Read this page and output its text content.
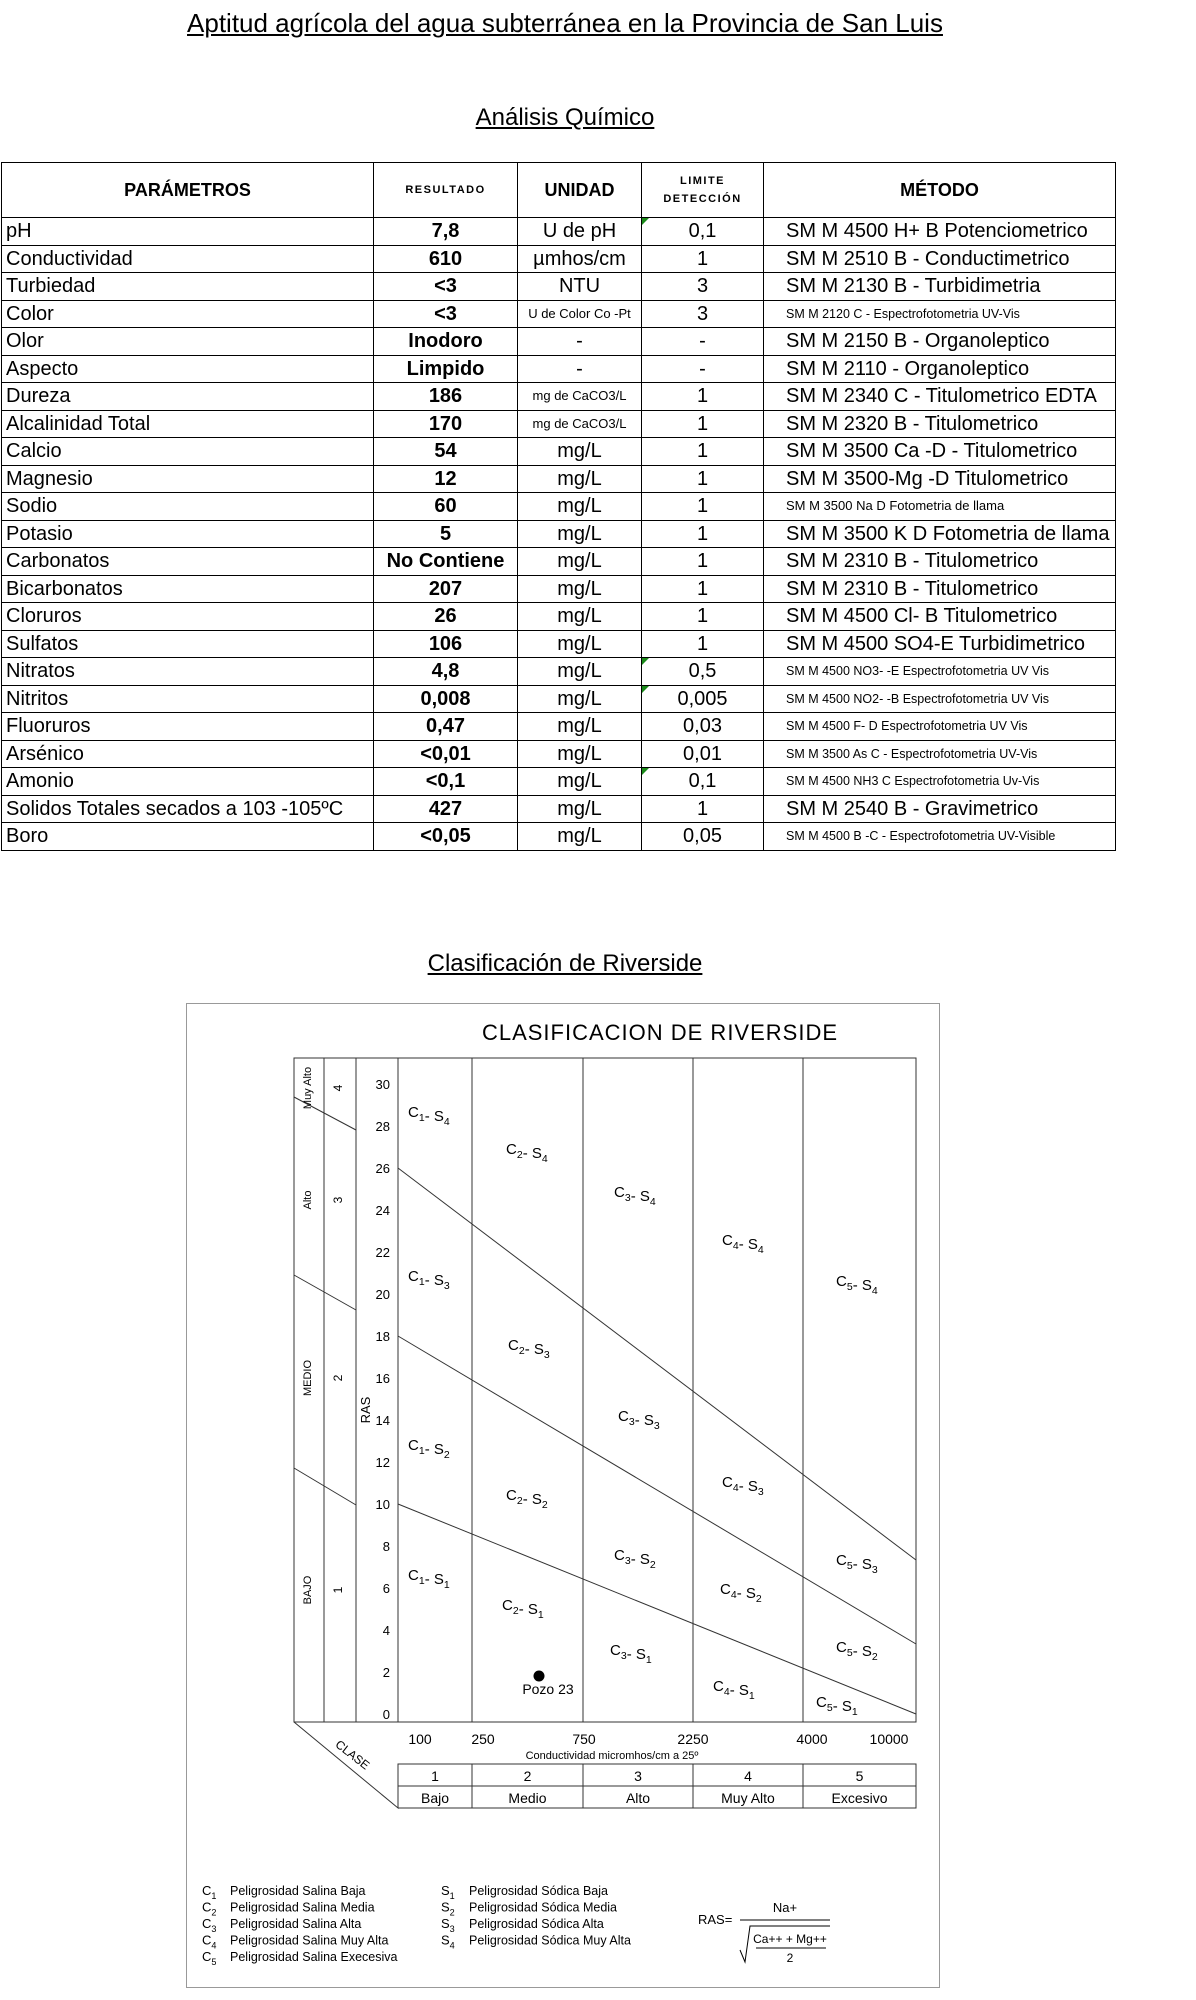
Aptitud agrícola del agua subterránea en la Provincia de San Luis
Análisis Químico
PARÁMETROS	RESULTADO	UNIDAD	LIMITE DETECCIÓN	MÉTODO
pH	7,8	U de pH	0,1	SM M 4500 H+ B Potenciometrico
Conductividad	610	µmhos/cm	1	SM M 2510 B - Conductimetrico
Turbiedad	<3	NTU	3	SM M 2130 B - Turbidimetria
Color	<3	U de Color Co -Pt	3	SM M 2120 C - Espectrofotometria UV-Vis
Olor	Inodoro	-	-	SM M 2150 B - Organoleptico
Aspecto	Limpido	-	-	SM M 2110 - Organoleptico
Dureza	186	mg de CaCO3/L	1	SM M 2340 C - Titulometrico EDTA
Alcalinidad Total	170	mg de CaCO3/L	1	SM M 2320 B - Titulometrico
Calcio	54	mg/L	1	SM M 3500 Ca -D - Titulometrico
Magnesio	12	mg/L	1	SM M 3500-Mg -D Titulometrico
Sodio	60	mg/L	1	SM M 3500 Na D Fotometria de llama
Potasio	5	mg/L	1	SM M 3500 K D Fotometria de llama
Carbonatos	No Contiene	mg/L	1	SM M 2310 B - Titulometrico
Bicarbonatos	207	mg/L	1	SM M 2310 B - Titulometrico
Cloruros	26	mg/L	1	SM M 4500 Cl- B Titulometrico
Sulfatos	106	mg/L	1	SM M 4500 SO4-E Turbidimetrico
Nitratos	4,8	mg/L	0,5	SM M 4500 NO3- -E Espectrofotometria UV Vis
Nitritos	0,008	mg/L	0,005	SM M 4500 NO2- -B Espectrofotometria UV Vis
Fluoruros	0,47	mg/L	0,03	SM M 4500 F- D Espectrofotometria UV Vis
Arsénico	<0,01	mg/L	0,01	SM M 3500 As C - Espectrofotometria UV-Vis
Amonio	<0,1	mg/L	0,1	SM M 4500 NH3 C Espectrofotometria Uv-Vis
Solidos Totales secados a 103 -105ºC	427	mg/L	1	SM M 2540 B - Gravimetrico
Boro	<0,05	mg/L	0,05	SM M 4500 B -C - Espectrofotometria UV-Visible
Clasificación de Riverside
CLASIFICACION DE RIVERSIDE
Muy Alto 4
Alto 3
MEDIO 2
BAJO 1
RAS
30
28
26
24
22
20
18
16
14
12
10
8
6
4
2
0
100	250	750	2250	4000	10000
Conductividad micromhos/cm a 25º
CLASE
1
Bajo
2
Medio
3
Alto
4
Muy Alto
5
Excesivo
$C_1-$ $S_4$
$C_2-$ $S_4$
$C_3-$ $S_4$
$C_4-$ $S_4$
$C_5-$ $S_4$
$C_1-$ $S_3$
$C_2-$ $S_3$
$C_3-$ $S_3$
$C_4-$ $S_3$
$C_5-$ $S_3$
$C_1-$ $S_2$
$C_2-$ $S_2$
$C_3-$ $S_2$
$C_4-$ $S_2$
$C_5-$ $S_2$
$C_1-$ $S_1$
$C_2-$ $S_1$
$C_3-$ $S_1$
$C_4-$ $S_1$	$C_5-$ $S_1$
Pozo 23
$C_1$ Peligrosidad Salina Baja
$C_2$ Peligrosidad Salina Media
$C_3$ Peligrosidad Salina Alta
$C_4$ Peligrosidad Salina Muy Alta
$C_5$ Peligrosidad Salina Execesiva
$S_1$ Peligrosidad Sódica Baja
$S_2$ Peligrosidad Sódica Media
$S_3$ Peligrosidad Sódica Alta
$S_4$ Peligrosidad Sódica Muy Alta
RAS=
Na+
Ca++ + Mg++
2
